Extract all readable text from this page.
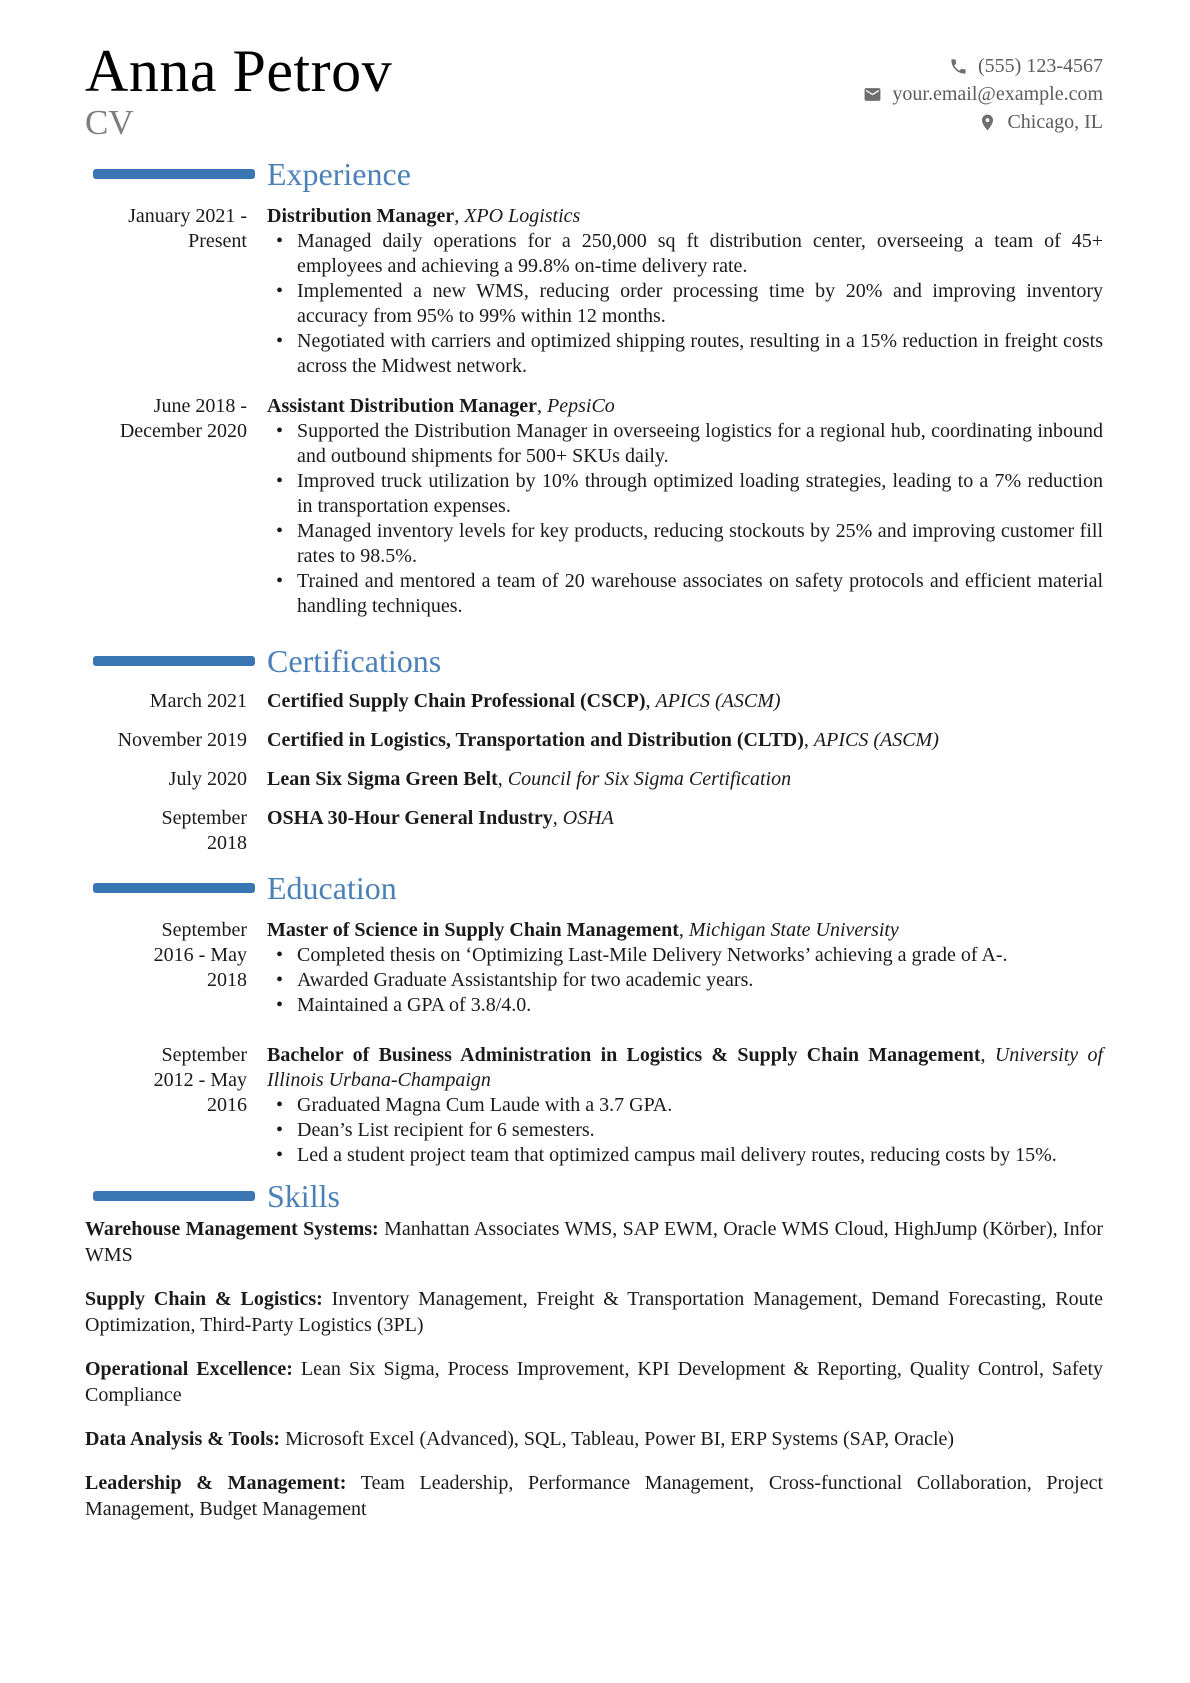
Anna Petrov
CV
(555) 123-4567
your.email@example.com
Chicago, IL
Experience
January 2021 -
Present
Distribution Manager, XPO Logistics
• Managed daily operations for a 250,000 sq ft distribution center, overseeing a team of 45+ employees and achieving a 99.8% on-time delivery rate.
• Implemented a new WMS, reducing order processing time by 20% and improving inventory accuracy from 95% to 99% within 12 months.
• Negotiated with carriers and optimized shipping routes, resulting in a 15% reduction in freight costs across the Midwest network.
June 2018 -
December 2020
Assistant Distribution Manager, PepsiCo
• Supported the Distribution Manager in overseeing logistics for a regional hub, coordinating inbound and outbound shipments for 500+ SKUs daily.
• Improved truck utilization by 10% through optimized loading strategies, leading to a 7% reduction in transportation expenses.
• Managed inventory levels for key products, reducing stockouts by 25% and improving customer fill rates to 98.5%.
• Trained and mentored a team of 20 warehouse associates on safety protocols and efficient material handling techniques.
Certifications
March 2021 Certified Supply Chain Professional (CSCP), APICS (ASCM)
November 2019 Certified in Logistics, Transportation and Distribution (CLTD), APICS (ASCM)
July 2020 Lean Six Sigma Green Belt, Council for Six Sigma Certification
September
2018
OSHA 30-Hour General Industry, OSHA
Education
September
2016 - May
2018
Master of Science in Supply Chain Management, Michigan State University
• Completed thesis on ‘Optimizing Last-Mile Delivery Networks’ achieving a grade of A-.
• Awarded Graduate Assistantship for two academic years.
• Maintained a GPA of 3.8/4.0.
September
2012 - May
2016
Bachelor of Business Administration in Logistics & Supply Chain Management, University of Illinois Urbana-Champaign
• Graduated Magna Cum Laude with a 3.7 GPA.
• Dean’s List recipient for 6 semesters.
• Led a student project team that optimized campus mail delivery routes, reducing costs by 15%.
Skills

Warehouse Management Systems: Manhattan Associates WMS, SAP EWM, Oracle WMS Cloud, HighJump (Körber), Infor WMS

Supply Chain & Logistics: Inventory Management, Freight & Transportation Management, Demand Forecasting, Route Optimization, Third-Party Logistics (3PL)

Operational Excellence: Lean Six Sigma, Process Improvement, KPI Development & Reporting, Quality Control, Safety Compliance

Data Analysis & Tools: Microsoft Excel (Advanced), SQL, Tableau, Power BI, ERP Systems (SAP, Oracle)

Leadership & Management: Team Leadership, Performance Management, Cross-functional Collaboration, Project Management, Budget Management
